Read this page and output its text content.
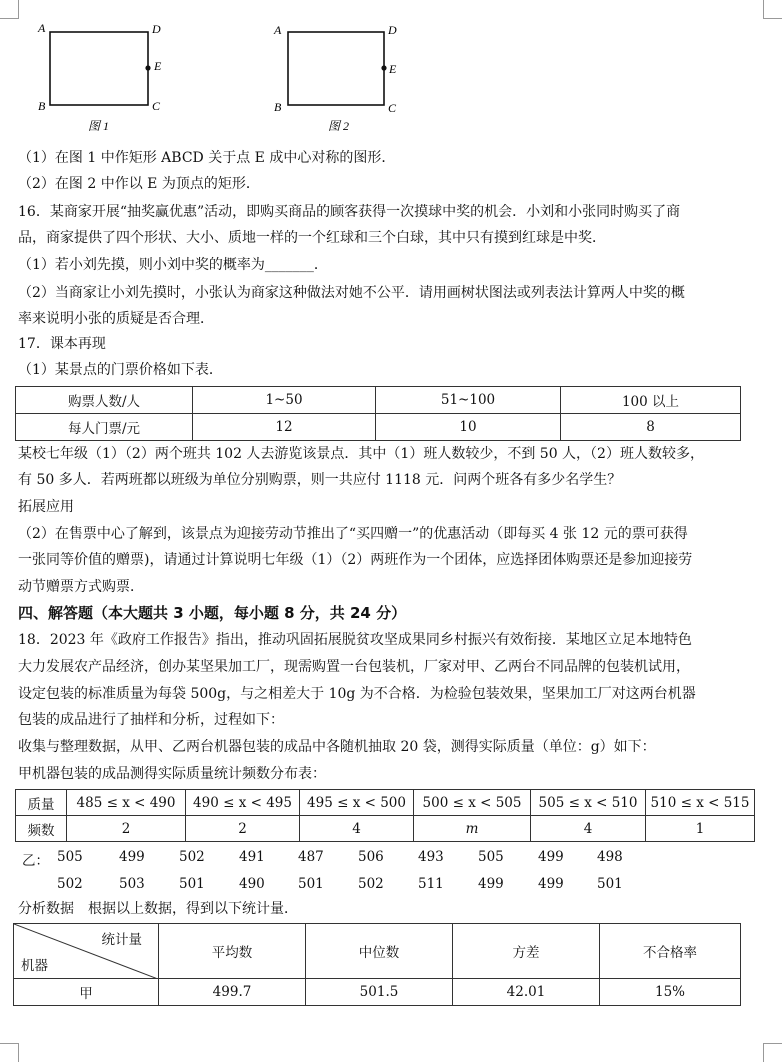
A	D
E
B	C
图 1
A	D
E
B	C
图 2
（1）在图 1 中作矩形 ABCD 关于点 E 成中心对称的图形．
（2）在图 2 中作以 E 为顶点的矩形．
16．某商家开展“抽奖赢优惠”活动，即购买商品的顾客获得一次摸球中奖的机会．小刘和小张同时购买了商
品，商家提供了四个形状、大小、质地一样的一个红球和三个白球，其中只有摸到红球是中奖．
（1）若小刘先摸，则小刘中奖的概率为_______．
（2）当商家让小刘先摸时，小张认为商家这种做法对她不公平．请用画树状图法或列表法计算两人中奖的概
率来说明小张的质疑是否合理．
17．课本再现
（1）某景点的门票价格如下表．
购票人数/人	1~50	51~100	100 以上
每人门票/元	12	10	8
某校七年级（1）（2）两个班共 102 人去游览该景点．其中（1）班人数较少，不到 50 人，（2）班人数较多，
有 50 多人．若两班都以班级为单位分别购票，则一共应付 1118 元．问两个班各有多少名学生？
拓展应用
（2）在售票中心了解到，该景点为迎接劳动节推出了“买四赠一”的优惠活动（即每买 4 张 12 元的票可获得
一张同等价值的赠票)，请通过计算说明七年级（1）（2）两班作为一个团体，应选择团体购票还是参加迎接劳
动节赠票方式购票．
四、解答题（本大题共 3 小题，每小题 8 分，共 24 分）
18．2023 年《政府工作报告》指出，推动巩固拓展脱贫攻坚成果同乡村振兴有效衔接．某地区立足本地特色
大力发展农产品经济，创办某坚果加工厂，现需购置一台包装机，厂家对甲、乙两台不同品牌的包装机试用，
设定包装的标准质量为每袋 500g，与之相差大于 10g 为不合格．为检验包装效果，坚果加工厂对这两台机器
包装的成品进行了抽样和分析，过程如下：
收集与整理数据，从甲、乙两台机器包装的成品中各随机抽取 20 袋，测得实际质量（单位：g）如下：
甲机器包装的成品测得实际质量统计频数分布表：
质量	485 ≤ x < 490	490 ≤ x < 495	495 ≤ x < 500	500 ≤ x < 505	505 ≤ x < 510	510 ≤ x < 515
频数	2	2	4	m	4	1
乙： 505	499	502	491 487	506	493	505	499 498
502	503	501	490 501	502	511	499	499 501
分析数据　根据以上数据，得到以下统计量．
统计量
机器	平均数	中位数	方差	不合格率
甲	499.7	501.5	42.01	15%
